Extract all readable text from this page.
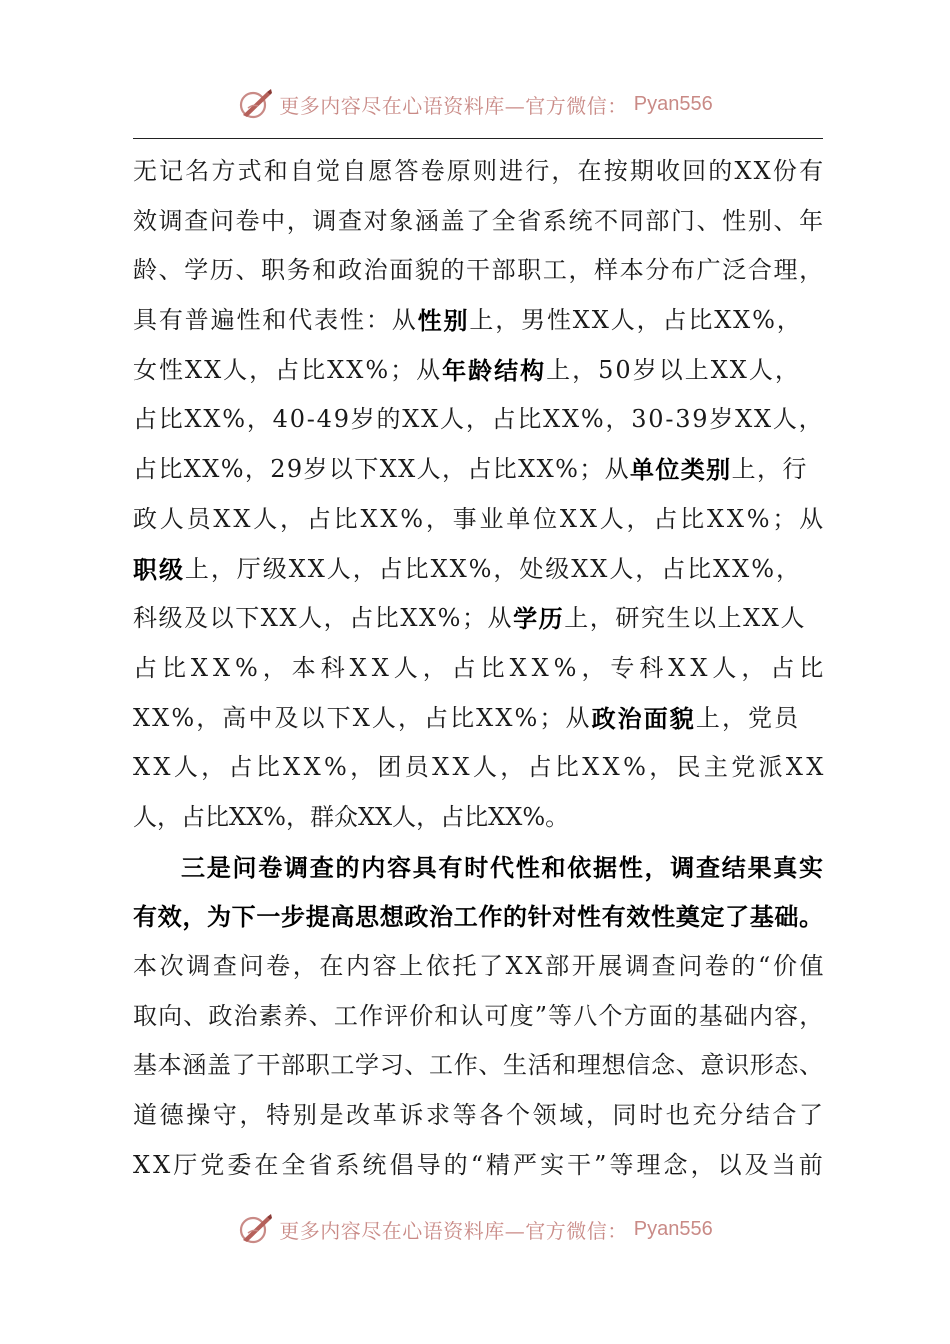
更多内容尽在心语资料库—官方微信： Pyan556
无记名方式和自觉自愿答卷原则进行，在按期收回的XX份有
效调查问卷中，调查对象涵盖了全省系统不同部门、性别、年
龄、学历、职务和政治面貌的干部职工，样本分布广泛合理，
具有普遍性和代表性：从 性别 上，男性XX人，占比XX%，
女性XX人，占比XX%；从 年龄结构 上，50岁以上XX人，
占比XX%，40-49岁的XX人，占比XX%，30-39岁XX人，
占比XX%，29岁以下XX人，占比XX%；从 单位类别 上，行
政人员XX人，占比XX%，事业单位XX人，占比XX%；从
职级 上，厅级XX人，占比XX%，处级XX人，占比XX%，
科级及以下XX人，占比XX%；从 学历 上，研究生以上XX人
占比XX%，本科XX人，占比XX%，专科XX人，占比
XX%，高中及以下X人，占比XX%；从 政治面貌 上，党员
XX人，占比XX%，团员XX人，占比XX%，民主党派XX
人，占比XX%，群众XX人，占比XX%。
三是问卷调查的内容具有时代性和依据性，调查结果真实
有效，为下一步提高思想政治工作的针对性有效性奠定了基础。
本次调查问卷，在内容上依托了XX部开展调查问卷的“价值
取向、政治素养、工作评价和认可度”等八个方面的基础内容，
基本涵盖了干部职工学习、工作、生活和理想信念、意识形态、
道德操守，特别是改革诉求等各个领域，同时也充分结合了
XX厅党委在全省系统倡导的“精严实干”等理念，以及当前
更多内容尽在心语资料库—官方微信： Pyan556
